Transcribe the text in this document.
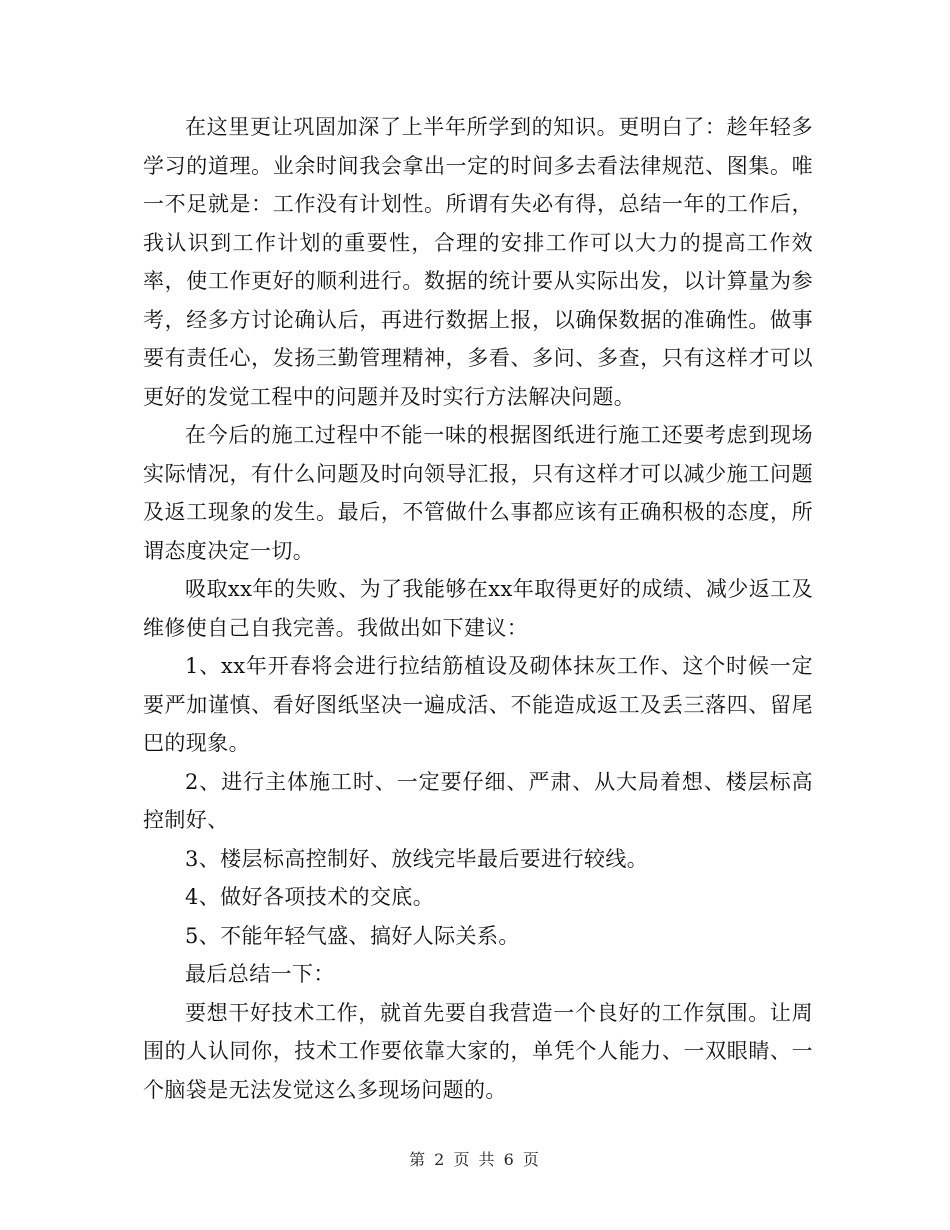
在这里更让巩固加深了上半年所学到的知识。更明白了：趁年轻多学习的道理。业余时间我会拿出一定的时间多去看法律规范、图集。唯一不足就是：工作没有计划性。所谓有失必有得，总结一年的工作后，我认识到工作计划的重要性，合理的安排工作可以大力的提高工作效率，使工作更好的顺利进行。数据的统计要从实际出发，以计算量为参考，经多方讨论确认后，再进行数据上报，以确保数据的准确性。做事要有责任心，发扬三勤管理精神，多看、多问、多查，只有这样才可以更好的发觉工程中的问题并及时实行方法解决问题。

在今后的施工过程中不能一味的根据图纸进行施工还要考虑到现场实际情况，有什么问题及时向领导汇报，只有这样才可以减少施工问题及返工现象的发生。最后，不管做什么事都应该有正确积极的态度，所谓态度决定一切。

吸取xx年的失败、为了我能够在xx年取得更好的成绩、减少返工及维修使自己自我完善。我做出如下建议：

1、xx年开春将会进行拉结筋植设及砌体抹灰工作、这个时候一定要严加谨慎、看好图纸坚决一遍成活、不能造成返工及丢三落四、留尾巴的现象。

2、进行主体施工时、一定要仔细、严肃、从大局着想、楼层标高控制好、

3、楼层标高控制好、放线完毕最后要进行较线。

4、做好各项技术的交底。

5、不能年轻气盛、搞好人际关系。

最后总结一下：

要想干好技术工作，就首先要自我营造一个良好的工作氛围。让周围的人认同你，技术工作要依靠大家的，单凭个人能力、一双眼睛、一个脑袋是无法发觉这么多现场问题的。

第 2 页 共 6 页
